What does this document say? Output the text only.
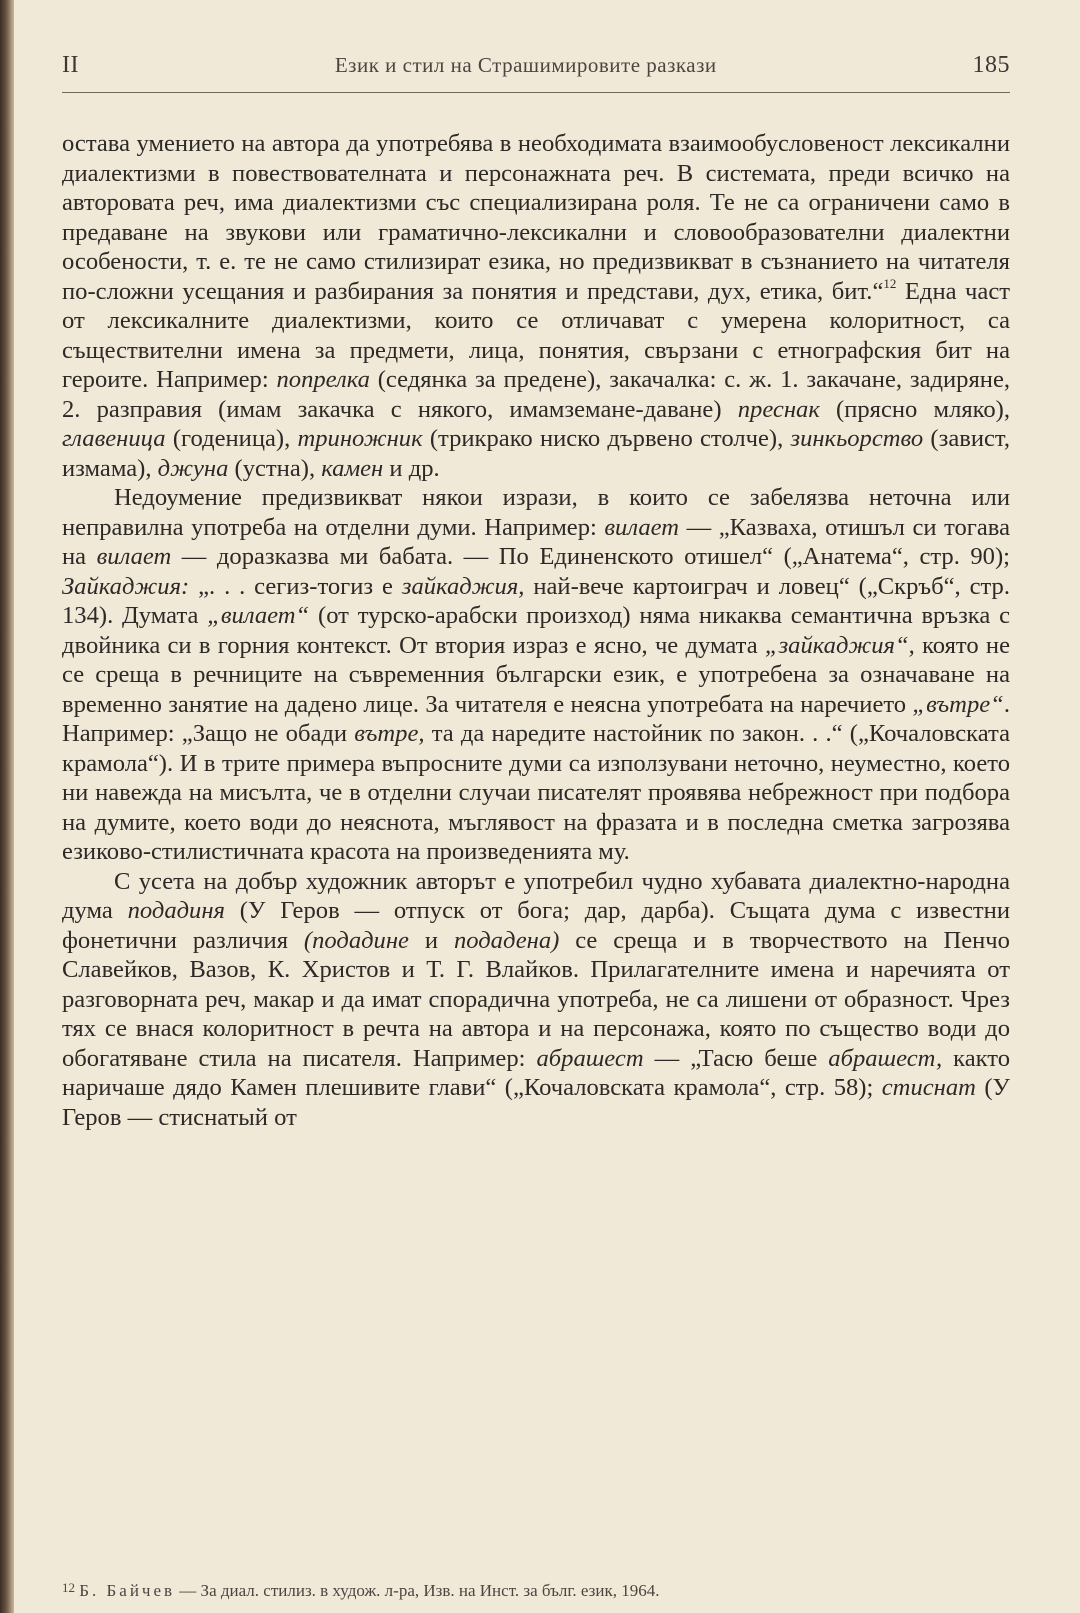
II	Език и стил на Страшимировите разкази	185

остава умението на автора да употребява в необходимата взаимообусловеност лексикални диалектизми в повествователната и персонажната реч. В системата, преди всичко на авторовата реч, има диалектизми със специализирана роля. Те не са ограничени само в предаване на звукови или граматично-лексикални и словообразователни диалектни особености, т. е. те не само стилизират езика, но предизвикват в съзнанието на читателя по-сложни усещания и разбирания за понятия и представи, дух, етика, бит.“$^{12}$ Една част от лексикалните диалектизми, които се отличават с умерена колоритност, са съществителни имена за предмети, лица, понятия, свързани с етнографския бит на героите. Например: попрелка (седянка за предене), закачалка: с. ж. 1. закачане, задиряне, 2. разправия (имам закачка с някого, имамземане-даване) преснак (прясно мляко), главеница (годеница), триножник (трикрако ниско дървено столче), зинкьорство (завист, измама), джуна (устна), камен и др.

Недоумение предизвикват някои изрази, в които се забелязва неточна или неправилна употреба на отделни думи. Например: вилает — „Казваха, отишъл си тогава на вилает — доразказва ми бабата. — По Единенското отишел“ („Анатема“, стр. 90); Зайкаджия: „. . . сегиз-тогиз е зайкаджия, най-вече картоиграч и ловец“ („Скръб“, стр. 134). Думата „вилает“ (от турско-арабски произход) няма никаква семантична връзка с двойника си в горния контекст. От втория израз е ясно, че думата „зайкаджия“, която не се среща в речниците на съвременния български език, е употребена за означаване на временно занятие на дадено лице. За читателя е неясна употребата на наречието „вътре“. Например: „Защо не обади вътре, та да наредите настойник по закон. . .“ („Кочаловската крамола“). И в трите примера въпросните думи са използувани неточно, неуместно, което ни навежда на мисълта, че в отделни случаи писателят проявява небрежност при подбора на думите, което води до неяснота, мъглявост на фразата и в последна сметка загрозява езиково-стилистичната красота на произведенията му.

С усета на добър художник авторът е употребил чудно хубавата диалектно-народна дума подадиня (У Геров — отпуск от бога; дар, дарба). Същата дума с известни фонетични различия (подадине и подадена) се среща и в творчеството на Пенчо Славейков, Вазов, К. Христов и Т. Г. Влайков. Прилагателните имена и наречията от разговорната реч, макар и да имат спорадична употреба, не са лишени от образност. Чрез тях се внася колоритност в речта на автора и на персонажа, която по същество води до обогатяване стила на писателя. Например: абрашест — „Тасю беше абрашест, както наричаше дядо Камен плешивите глави“ („Кочаловската крамола“, стр. 58); стиснат (У Геров — стиснатый от

$^{12}$ Б. Байчев — За диал. стилиз. в худож. л-ра, Изв. на Инст. за бълг. език, 1964.
